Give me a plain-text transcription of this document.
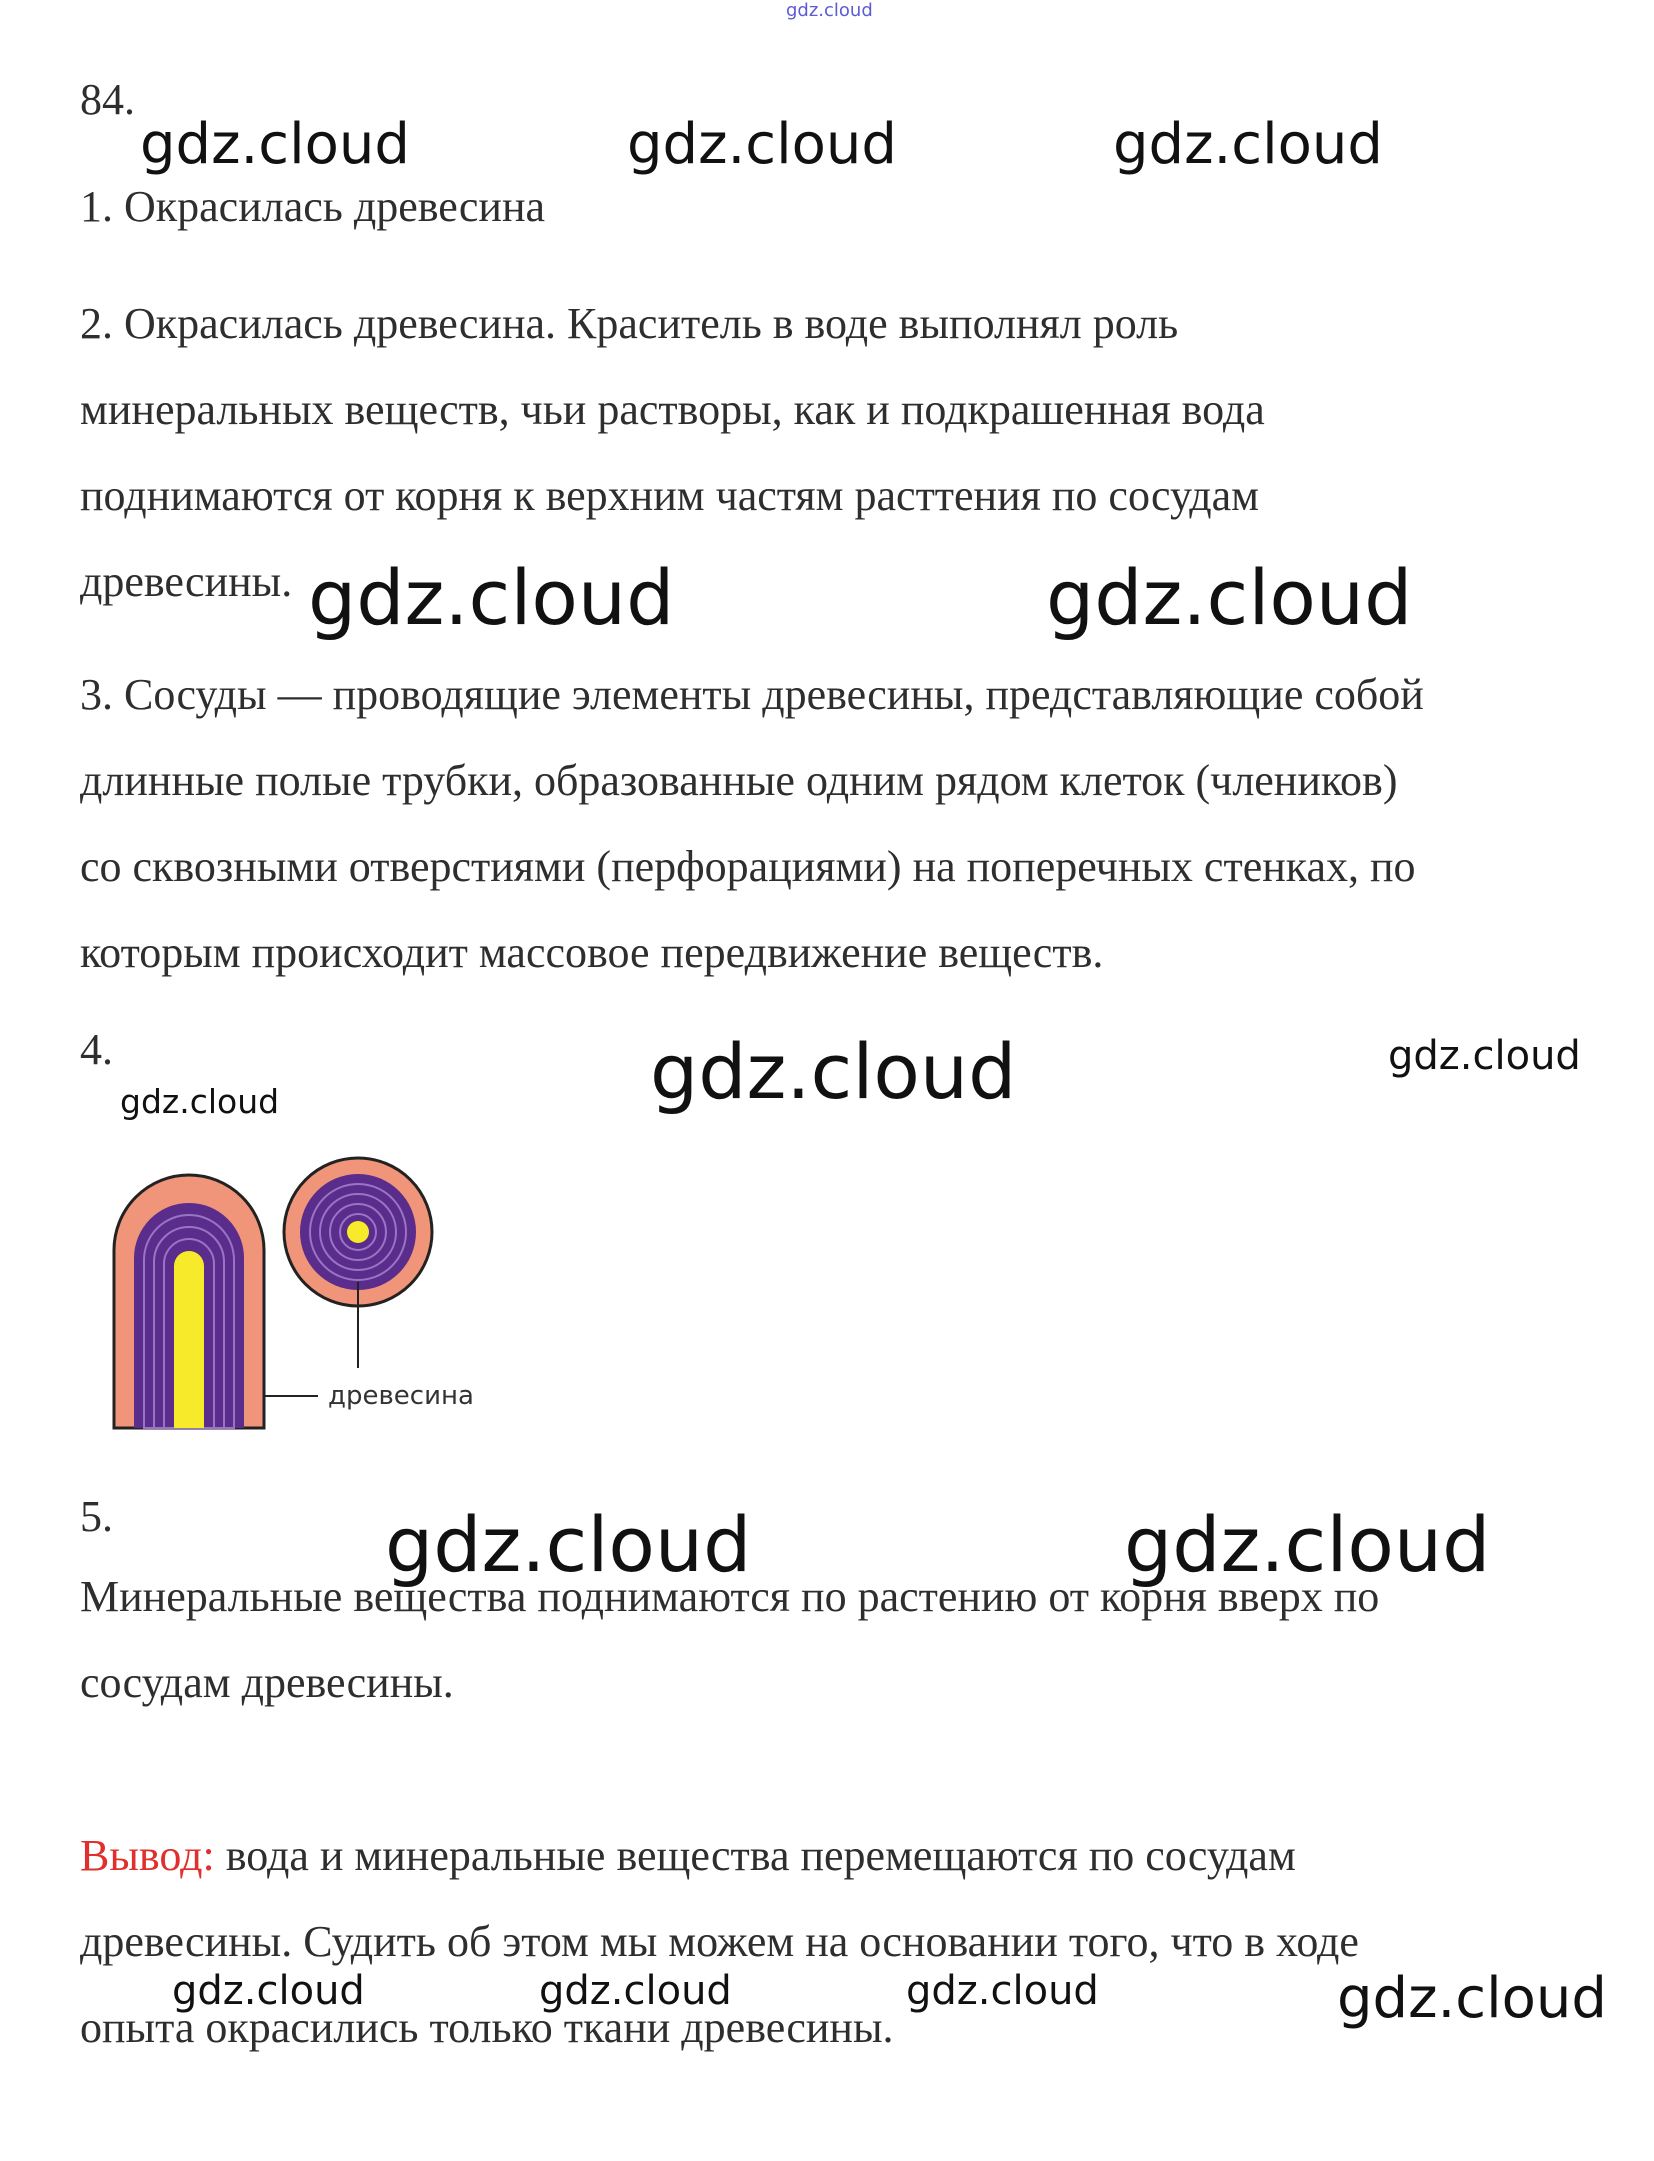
gdz.cloud
84.
gdz.cloud	gdz.cloud	gdz.cloud
1. Окрасилась древесина
2. Окрасилась древесина. Краситель в воде выполнял роль
минеральных веществ, чьи растворы, как и подкрашенная вода
поднимаются от корня к верхним частям расттения по сосудам
древесины. gdz.cloud	gdz.cloud
3. Сосуды — проводящие элементы древесины, представляющие собой
длинные полые трубки, образованные одним рядом клеток (члеников)
со сквозными отверстиями (перфорациями) на поперечных стенках, по
которым происходит массовое передвижение веществ.
4.
gdz.cloud	gdz.cloud	gdz.cloud
древесина
5.	gdz.cloud	gdz.cloud
Минеральные вещества поднимаются по растению от корня вверх по
сосудам древесины.
Вывод: вода и минеральные вещества перемещаются по сосудам
древесины. Судить об этом мы можем на основании того, что в ходе
опыта окрасились только ткани древесины.
gdz.cloud	gdz.cloud	gdz.cloud	gdz.cloud
